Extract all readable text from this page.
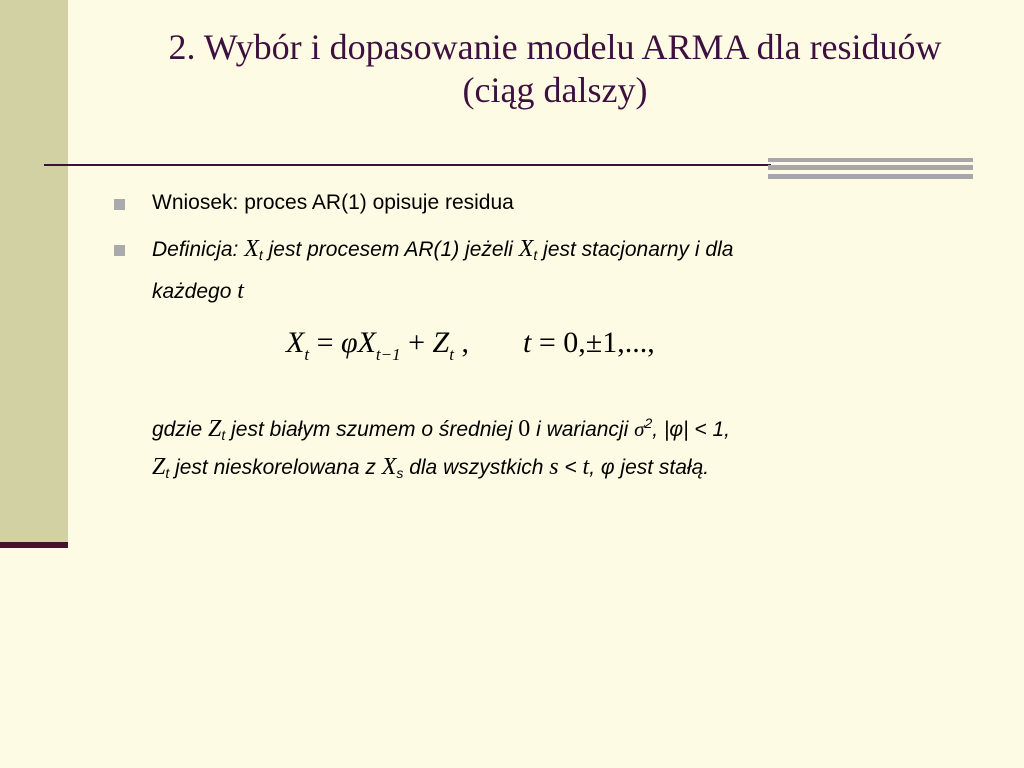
2. Wybór i dopasowanie modelu ARMA dla residuów
(ciąg dalszy)
Wniosek: proces AR(1) opisuje residua
Definicja: $X_t$ jest procesem AR(1) jeżeli $X_t$ jest stacjonarny i dla
każdego t
$X_t = \varphi X_{t-1} + Z_t$ , t = 0,±1,...,
gdzie $Z_t$ jest białym szumem o średniej 0 i wariancji $\sigma^2$, |φ| < 1,
$Z_t$ jest nieskorelowana z $X_s$ dla wszystkich s < t, φ jest stałą.
